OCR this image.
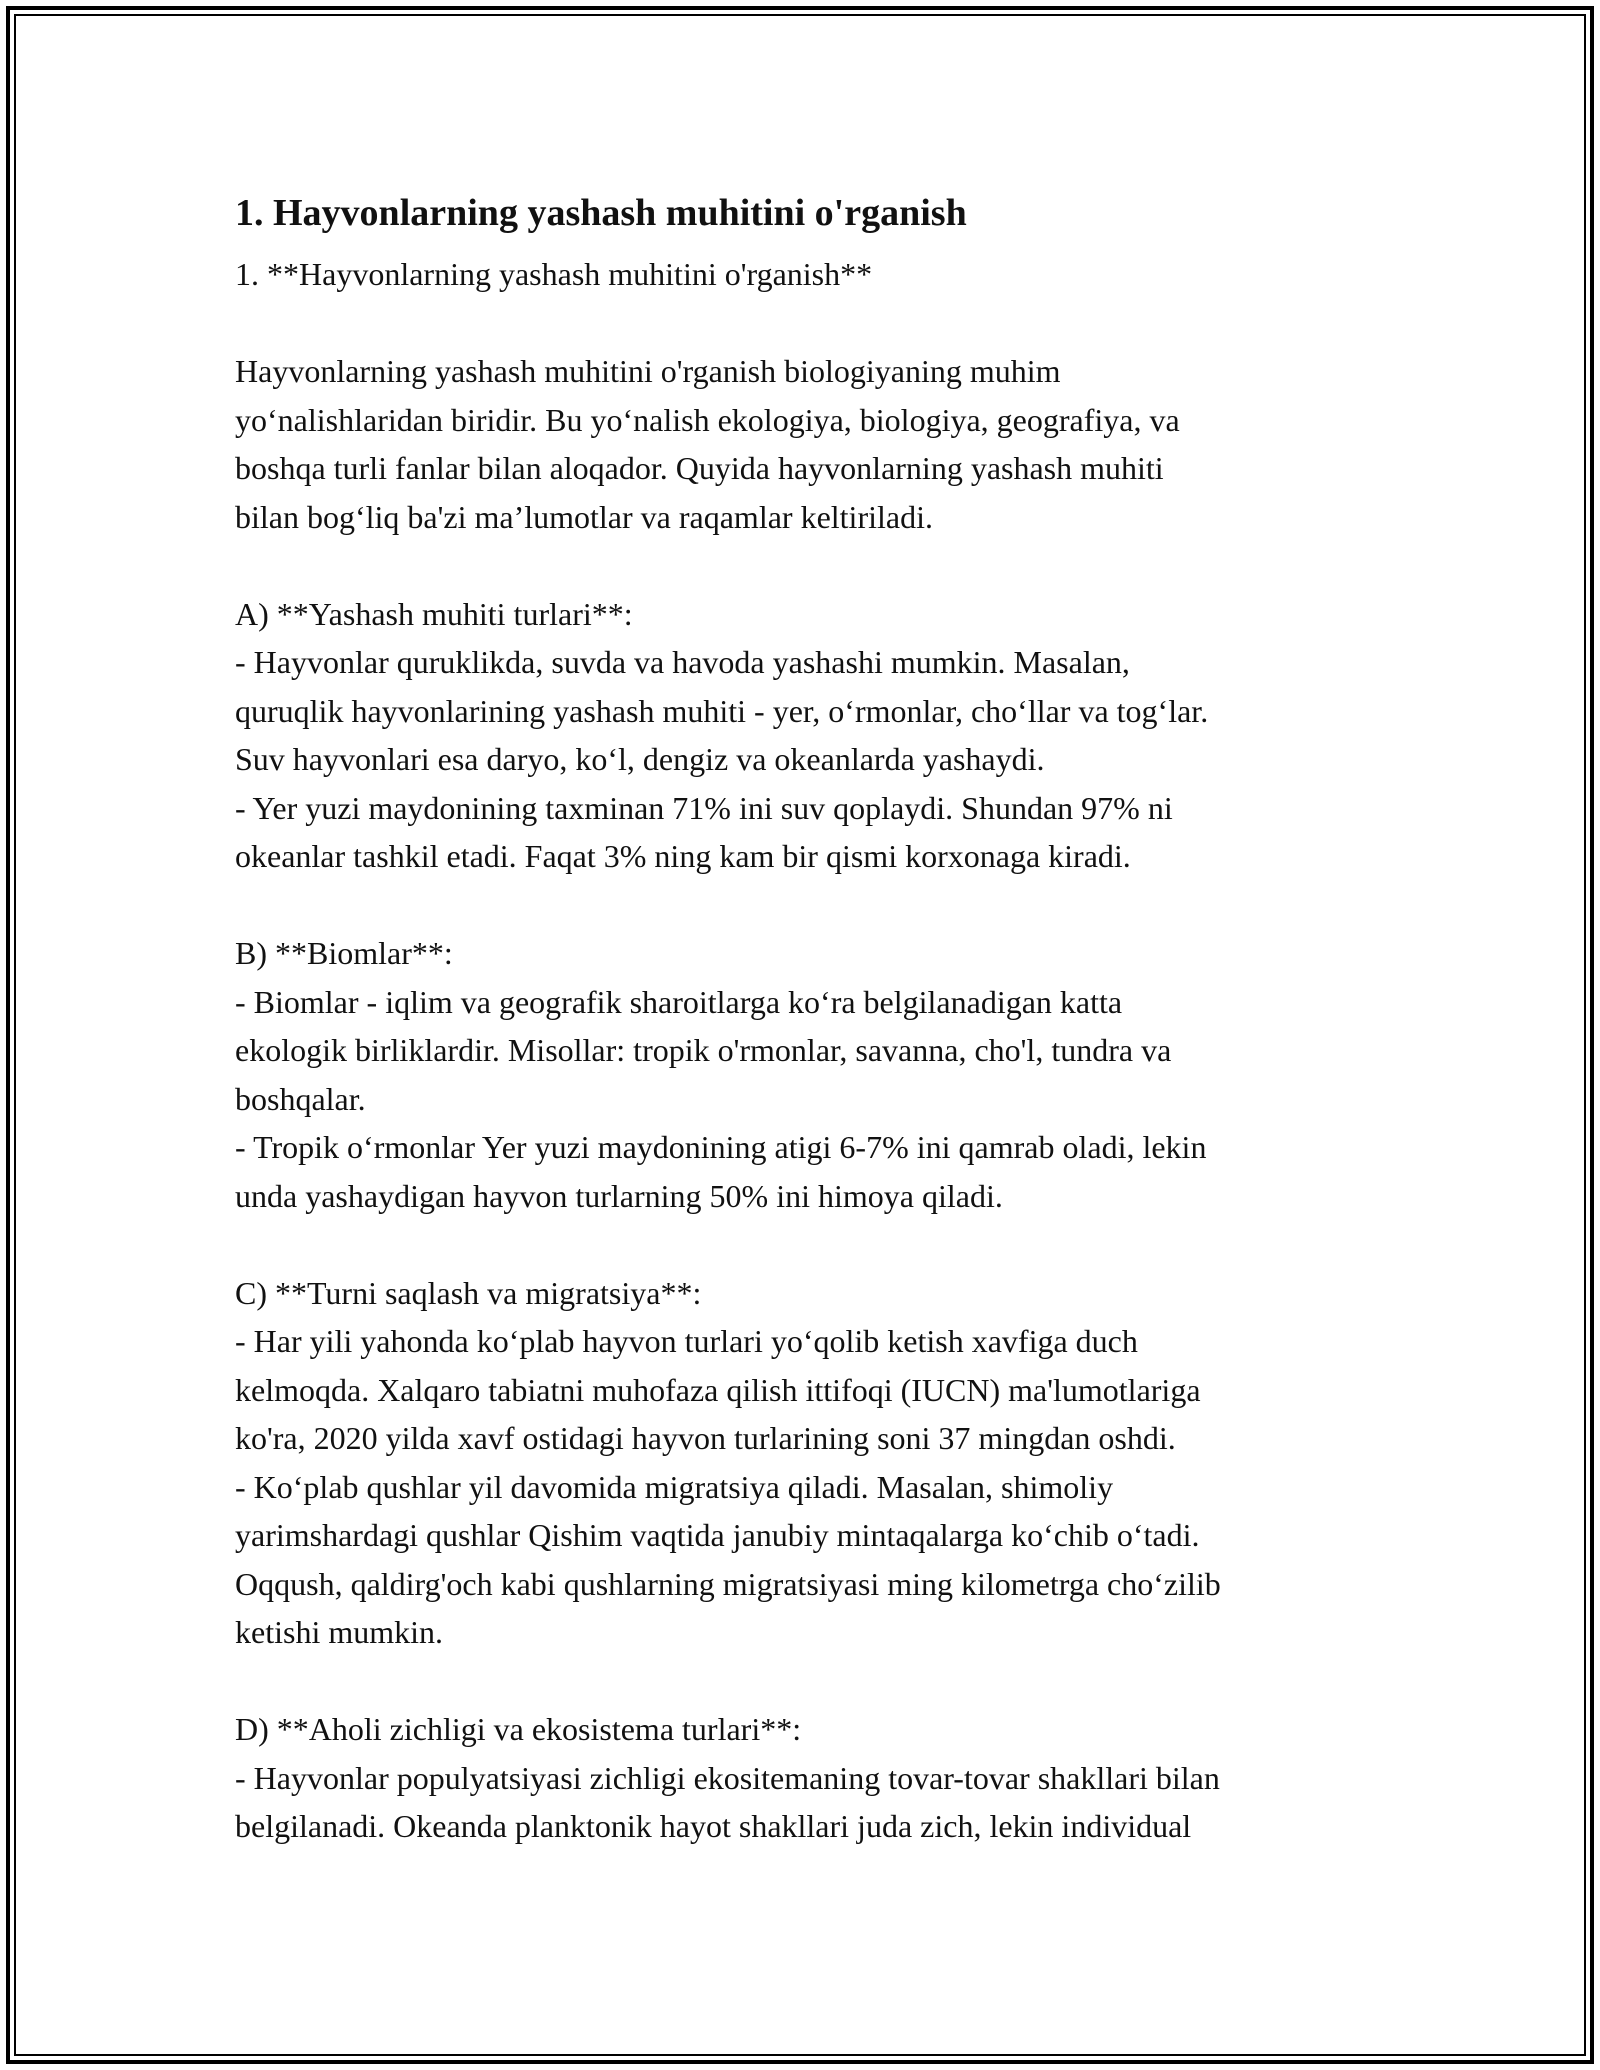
1. Hayvonlarning yashash muhitini o'rganish

1. **Hayvonlarning yashash muhitini o'rganish**

Hayvonlarning yashash muhitini o'rganish biologiyaning muhim
yo‘nalishlaridan biridir. Bu yo‘nalish ekologiya, biologiya, geografiya, va
boshqa turli fanlar bilan aloqador. Quyida hayvonlarning yashash muhiti
bilan bog‘liq ba'zi ma’lumotlar va raqamlar keltiriladi.

A) **Yashash muhiti turlari**:
- Hayvonlar quruklikda, suvda va havoda yashashi mumkin. Masalan,
quruqlik hayvonlarining yashash muhiti - yer, o‘rmonlar, cho‘llar va tog‘lar.
Suv hayvonlari esa daryo, ko‘l, dengiz va okeanlarda yashaydi.
- Yer yuzi maydonining taxminan 71% ini suv qoplaydi. Shundan 97% ni
okeanlar tashkil etadi. Faqat 3% ning kam bir qismi korxonaga kiradi.

B) **Biomlar**:
- Biomlar - iqlim va geografik sharoitlarga ko‘ra belgilanadigan katta
ekologik birliklardir. Misollar: tropik o'rmonlar, savanna, cho'l, tundra va
boshqalar.
- Tropik o‘rmonlar Yer yuzi maydonining atigi 6-7% ini qamrab oladi, lekin
unda yashaydigan hayvon turlarning 50% ini himoya qiladi.

C) **Turni saqlash va migratsiya**:
- Har yili yahonda ko‘plab hayvon turlari yo‘qolib ketish xavfiga duch
kelmoqda. Xalqaro tabiatni muhofaza qilish ittifoqi (IUCN) ma'lumotlariga
ko'ra, 2020 yilda xavf ostidagi hayvon turlarining soni 37 mingdan oshdi.
- Ko‘plab qushlar yil davomida migratsiya qiladi. Masalan, shimoliy
yarimshardagi qushlar Qishim vaqtida janubiy mintaqalarga ko‘chib o‘tadi.
Oqqush, qaldirg'och kabi qushlarning migratsiyasi ming kilometrga cho‘zilib
ketishi mumkin.

D) **Aholi zichligi va ekosistema turlari**:
- Hayvonlar populyatsiyasi zichligi ekositemaning tovar-tovar shakllari bilan
belgilanadi. Okeanda planktonik hayot shakllari juda zich, lekin individual
